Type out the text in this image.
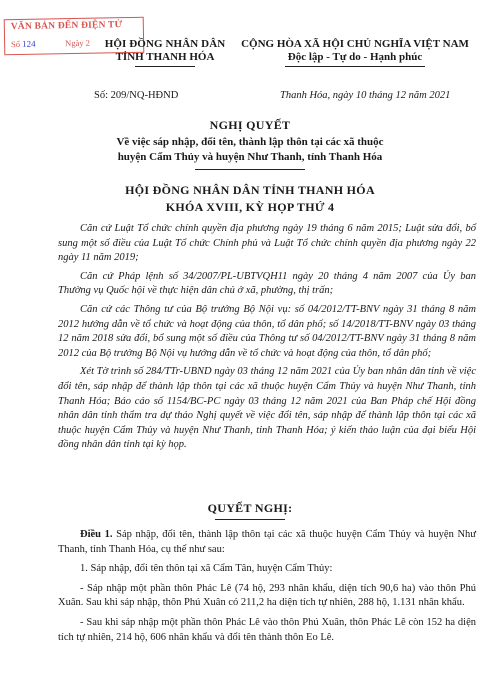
VĂN BẢN ĐẾN ĐIỆN TỬ
Số 124	Ngày 2	HỘI ĐỒNG NHÂN DÂN
TỈNH THANH HÓA
CỘNG HÒA XÃ HỘI CHỦ NGHĨA VIỆT NAM
Độc lập - Tự do - Hạnh phúc
Số: 209/NQ-HĐND	Thanh Hóa, ngày 10 tháng 12 năm 2021
NGHỊ QUYẾT
Về việc sáp nhập, đổi tên, thành lập thôn tại các xã thuộc
huyện Cẩm Thủy và huyện Như Thanh, tỉnh Thanh Hóa
HỘI ĐỒNG NHÂN DÂN TỈNH THANH HÓA
KHÓA XVIII, KỲ HỌP THỨ 4

Căn cứ Luật Tổ chức chính quyền địa phương ngày 19 tháng 6 năm 2015; Luật sửa đổi, bổ sung một số điều của Luật Tổ chức Chính phủ và Luật Tổ chức chính quyền địa phương ngày 22 ngày 11 năm 2019;

Căn cứ Pháp lệnh số 34/2007/PL-UBTVQH11 ngày 20 tháng 4 năm 2007 của Ủy ban Thường vụ Quốc hội về thực hiện dân chủ ở xã, phường, thị trấn;

Căn cứ các Thông tư của Bộ trưởng Bộ Nội vụ: số 04/2012/TT-BNV ngày 31 tháng 8 năm 2012 hướng dẫn về tổ chức và hoạt động của thôn, tổ dân phố; số 14/2018/TT-BNV ngày 03 tháng 12 năm 2018 sửa đổi, bổ sung một số điều của Thông tư số 04/2012/TT-BNV ngày 31 tháng 8 năm 2012 của Bộ trưởng Bộ Nội vụ hướng dẫn về tổ chức và hoạt động của thôn, tổ dân phố;

Xét Tờ trình số 284/TTr-UBND ngày 03 tháng 12 năm 2021 của Ủy ban nhân dân tỉnh về việc đổi tên, sáp nhập để thành lập thôn tại các xã thuộc huyện Cẩm Thủy và huyện Như Thanh, tỉnh Thanh Hóa; Báo cáo số 1154/BC-PC ngày 03 tháng 12 năm 2021 của Ban Pháp chế Hội đồng nhân dân tỉnh thẩm tra dự thảo Nghị quyết về việc đổi tên, sáp nhập để thành lập thôn tại các xã thuộc huyện Cẩm Thủy và huyện Như Thanh, tỉnh Thanh Hóa; ý kiến thảo luận của đại biểu Hội đồng nhân dân tỉnh tại kỳ họp.

QUYẾT NGHỊ:

Điều 1. Sáp nhập, đổi tên, thành lập thôn tại các xã thuộc huyện Cẩm Thủy và huyện Như Thanh, tỉnh Thanh Hóa, cụ thể như sau:

1. Sáp nhập, đổi tên thôn tại xã Cẩm Tân, huyện Cẩm Thủy:

- Sáp nhập một phần thôn Phác Lê (74 hộ, 293 nhân khẩu, diện tích 90,6 ha) vào thôn Phú Xuân. Sau khi sáp nhập, thôn Phú Xuân có 211,2 ha diện tích tự nhiên, 288 hộ, 1.131 nhân khẩu.

- Sau khi sáp nhập một phần thôn Phác Lê vào thôn Phú Xuân, thôn Phác Lê còn 152 ha diện tích tự nhiên, 214 hộ, 606 nhân khẩu và đổi tên thành thôn Eo Lê.
